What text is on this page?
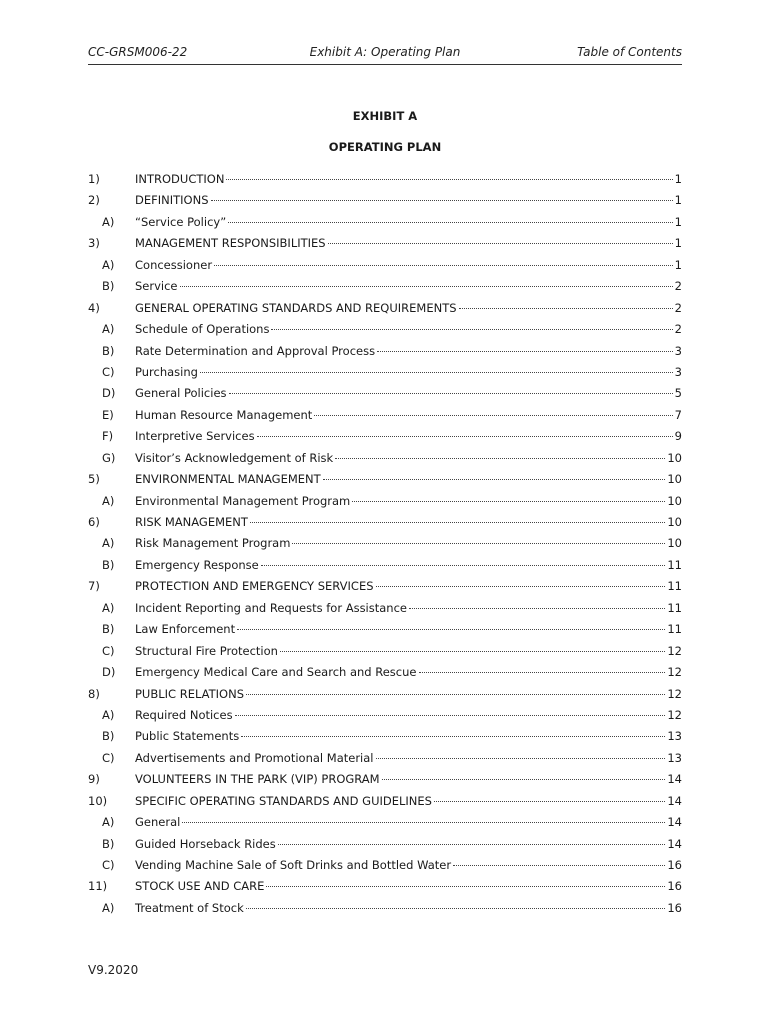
CC-GRSM006-22	Exhibit A: Operating Plan	Table of Contents
EXHIBIT A
OPERATING PLAN
1)	INTRODUCTION	1
2)	DEFINITIONS	1
A) “Service Policy”	1
3)	MANAGEMENT RESPONSIBILITIES	1
A) Concessioner	1
B) Service	2
4)	GENERAL OPERATING STANDARDS AND REQUIREMENTS	2
A) Schedule of Operations	2
B) Rate Determination and Approval Process	3
C) Purchasing	3
D) General Policies	5
E) Human Resource Management	7
F) Interpretive Services	9
G) Visitor’s Acknowledgement of Risk	10
5)	ENVIRONMENTAL MANAGEMENT	10
A) Environmental Management Program	10
6)	RISK MANAGEMENT	10
A) Risk Management Program	10
B) Emergency Response	11
7)	PROTECTION AND EMERGENCY SERVICES	11
A) Incident Reporting and Requests for Assistance	11
B) Law Enforcement	11
C) Structural Fire Protection	12
D) Emergency Medical Care and Search and Rescue	12
8)	PUBLIC RELATIONS	12
A) Required Notices	12
B) Public Statements	13
C) Advertisements and Promotional Material	13
9)	VOLUNTEERS IN THE PARK (VIP) PROGRAM	14
10) SPECIFIC OPERATING STANDARDS AND GUIDELINES	14
A) General	14
B) Guided Horseback Rides	14
C) Vending Machine Sale of Soft Drinks and Bottled Water	16
11) STOCK USE AND CARE	16
A) Treatment of Stock	16
V9.2020
